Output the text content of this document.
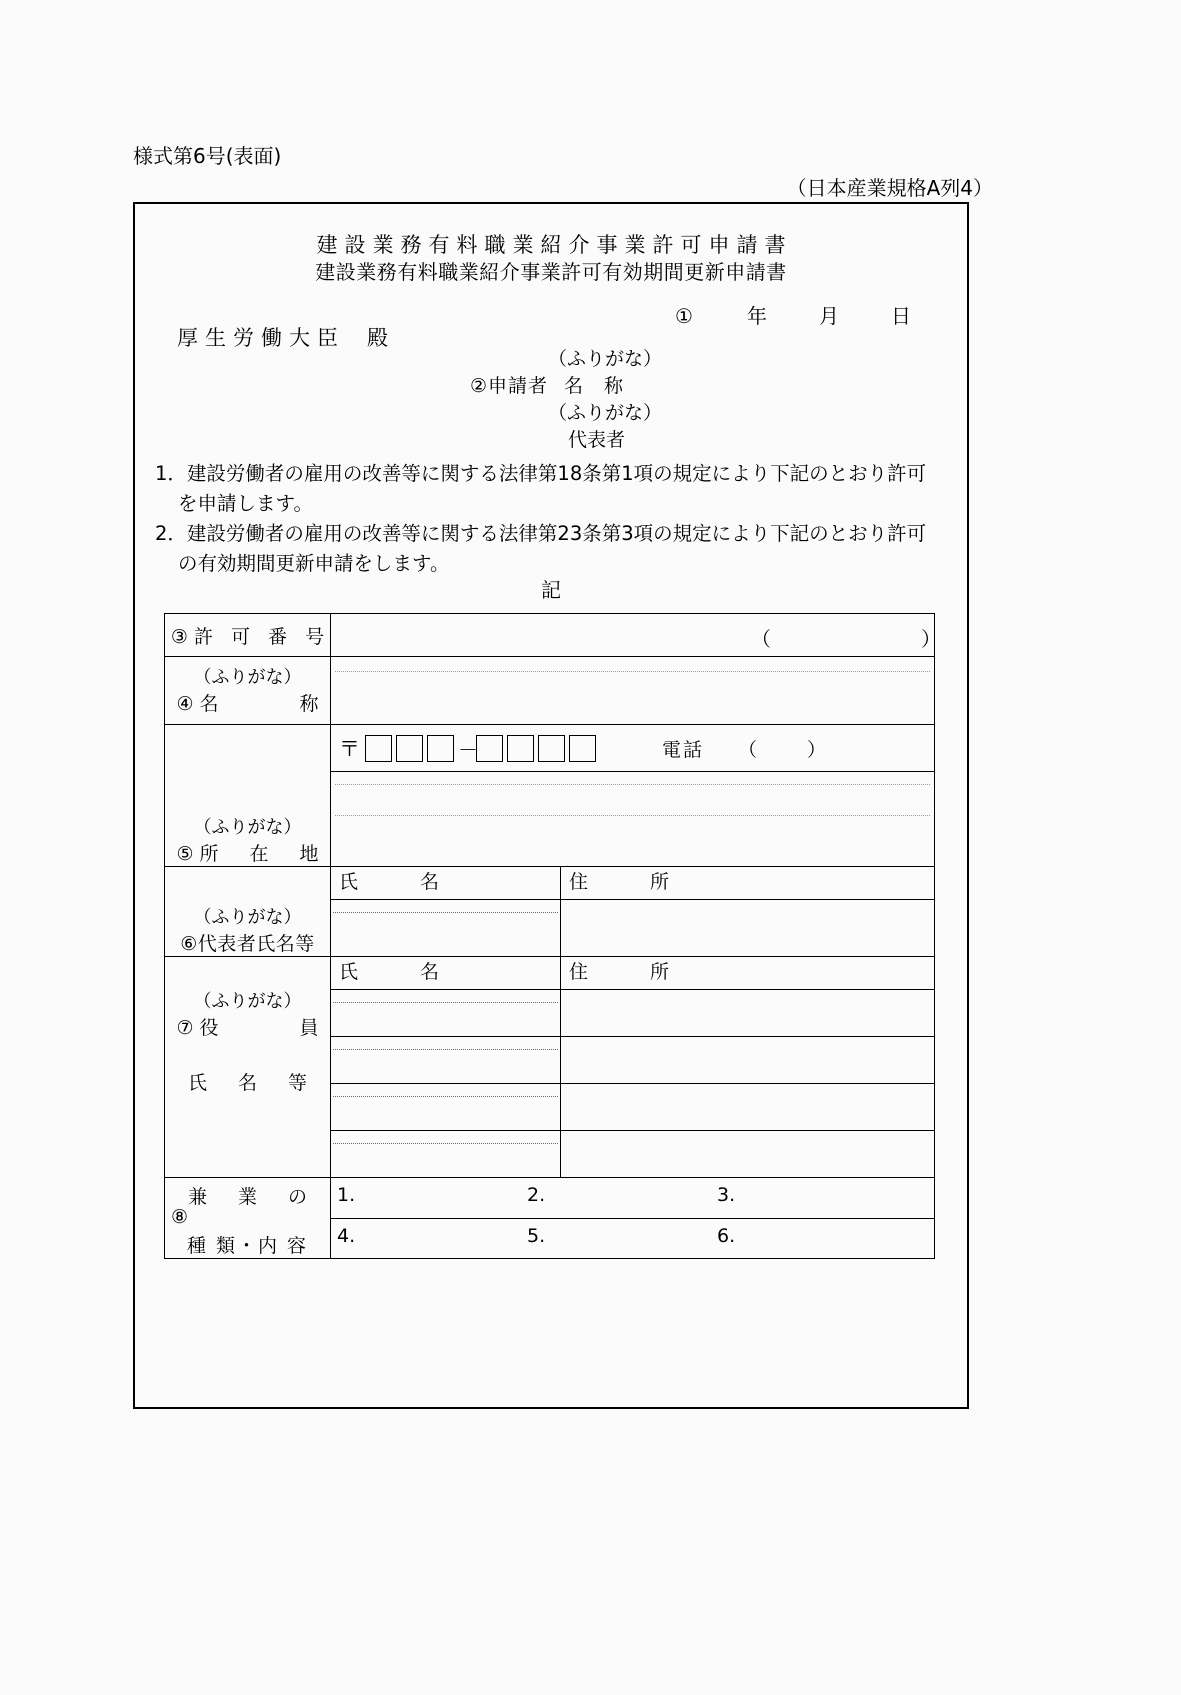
様式第6号(表面)
（日本産業規格A列4）
建設業務有料職業紹介事業許可申請書
建設業務有料職業紹介事業許可有効期間更新申請書
①	年	月	日
厚生労働大臣 殿
（ふりがな）
②申請者 名　称
（ふりがな）
代表者
1．建設労働者の雇用の改善等に関する法律第18条第1項の規定により下記のとおり許可
を申請します。
2．建設労働者の雇用の改善等に関する法律第23条第3項の規定により下記のとおり許可
の有効期間更新申請をします。
記
③許 可 番 号	（ ）	

（ふりがな）
④名　　　称		

（ふりがな）
⑤所　在　地	〒 － 電話 （ ）	

（ふりがな）
⑥代表者氏名等	氏　　名	住　　所

（ふりがな）
⑦役　　　員
氏　名　等	氏　　名	住　　所

⑧
兼　業　の
種 類・内 容	1. 2. 3.	

	4. 5. 6.	
